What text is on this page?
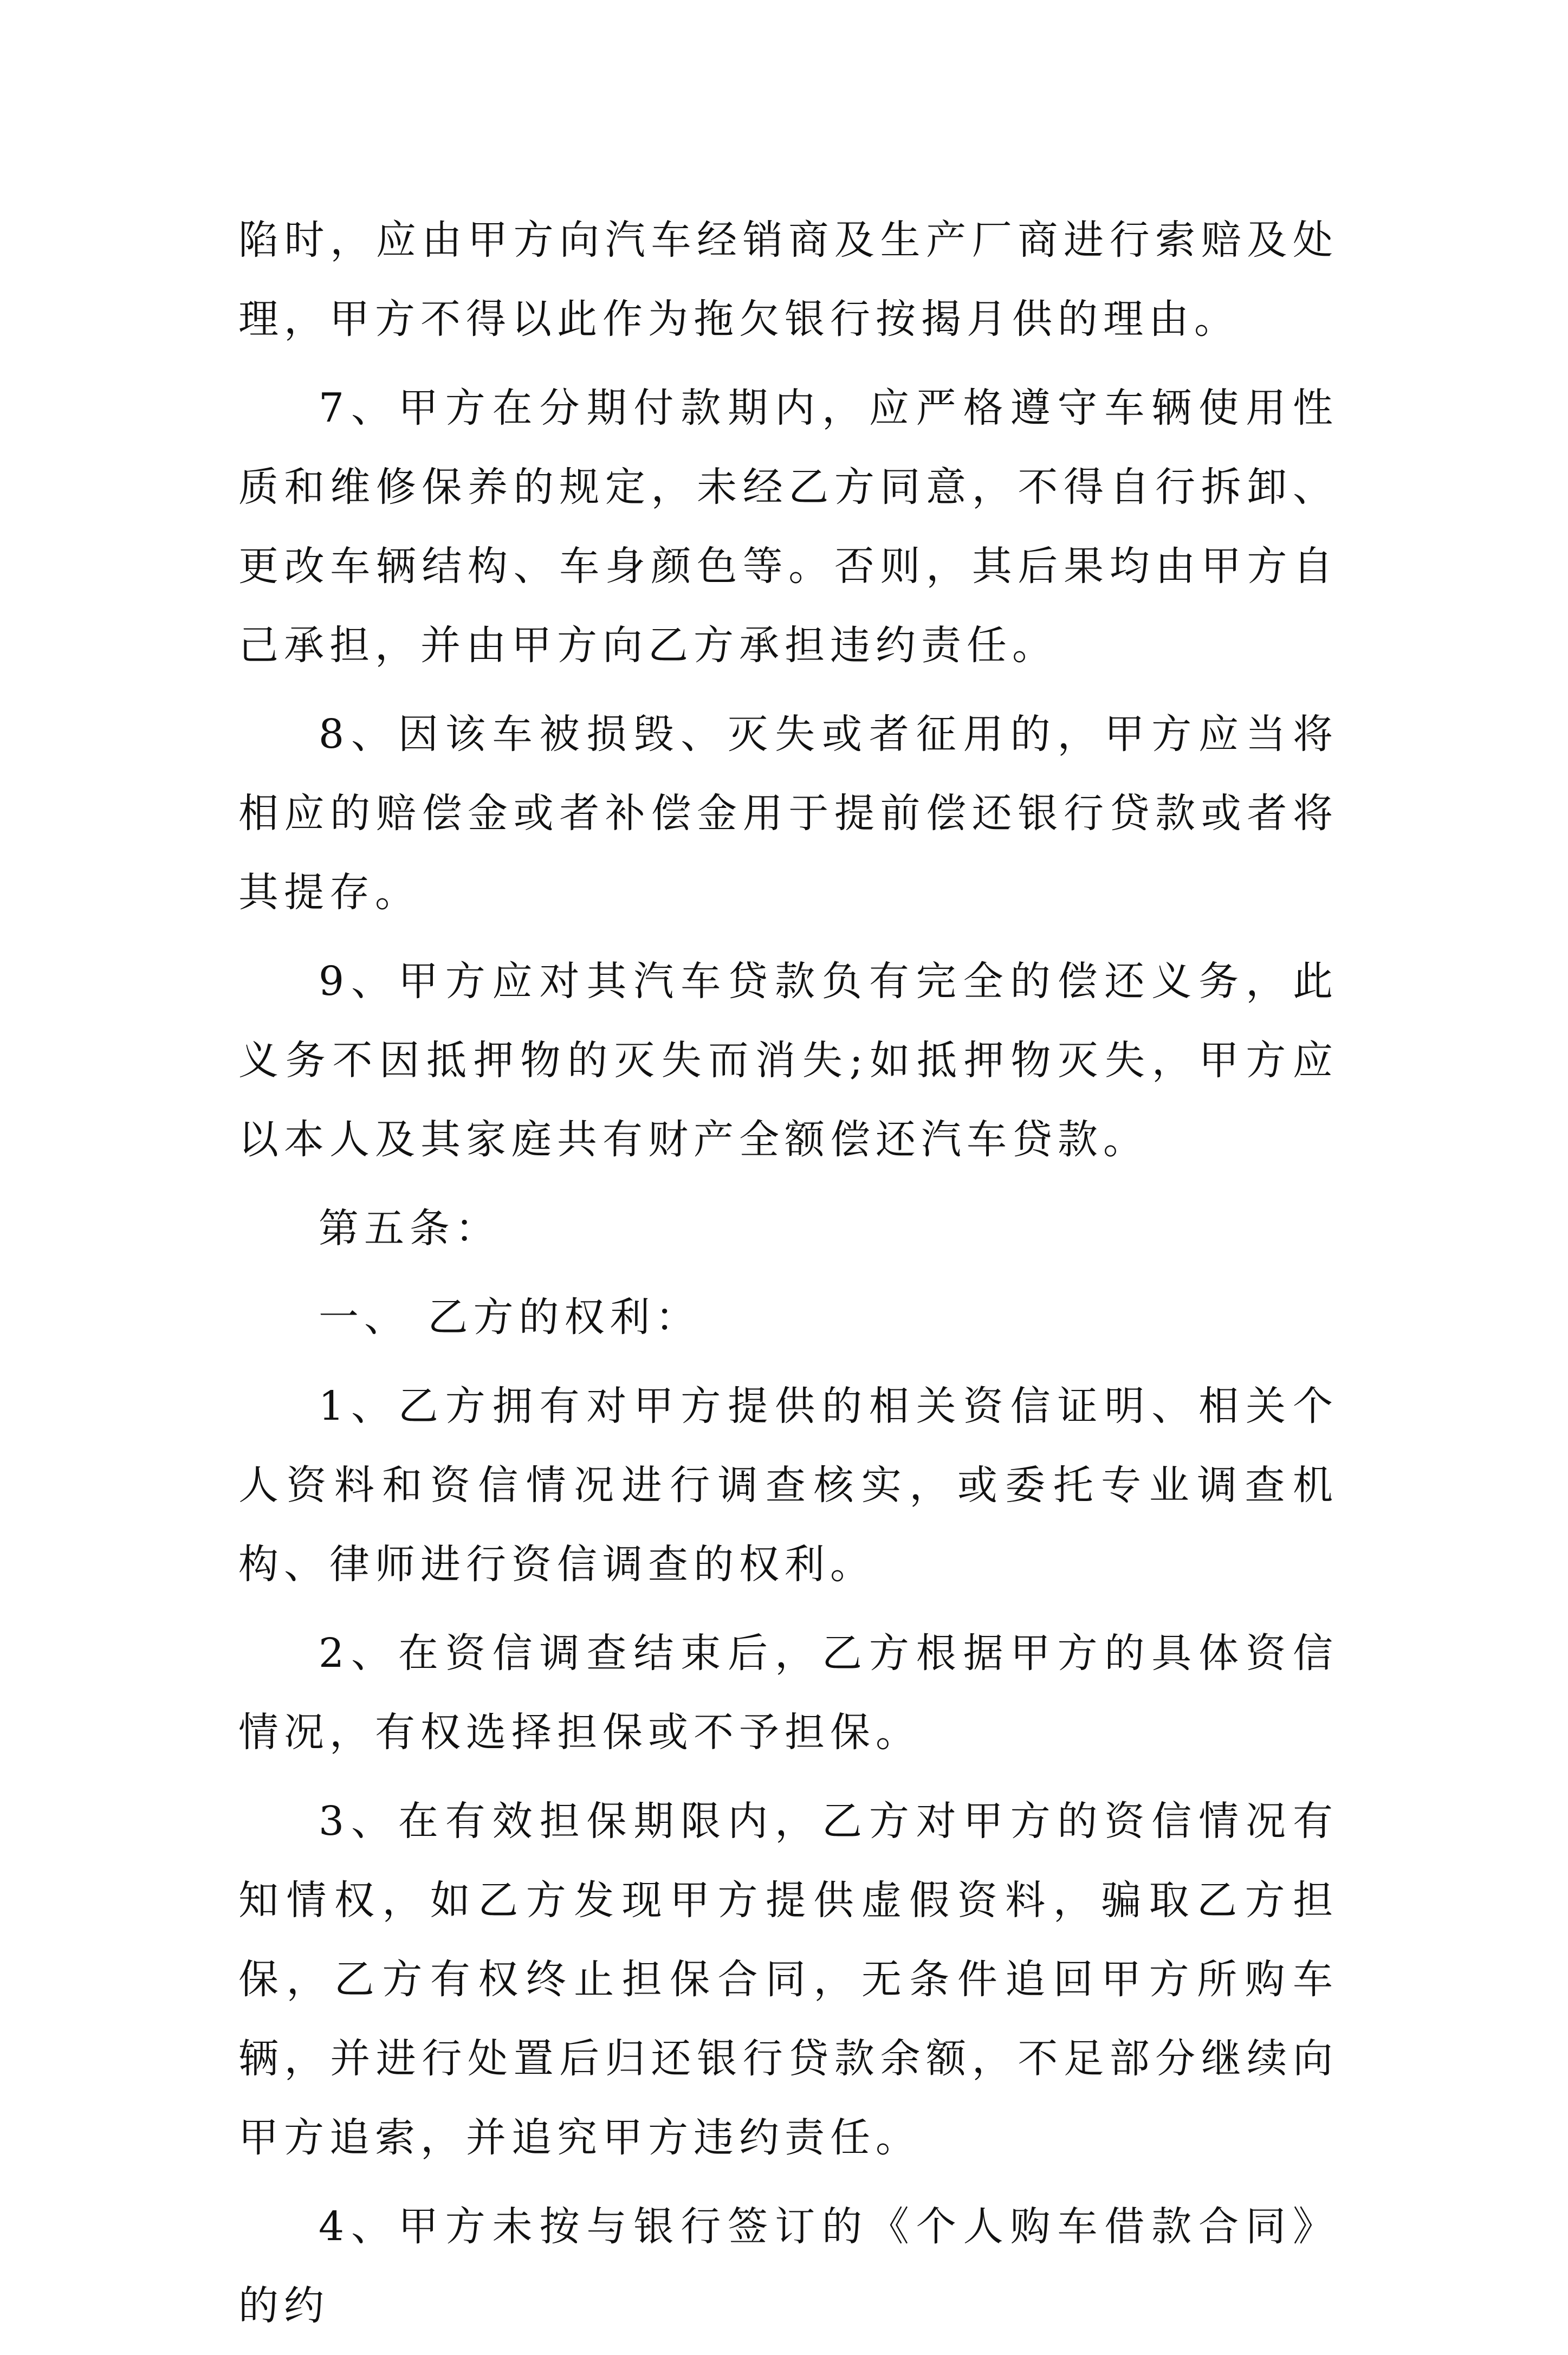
陷时，应由甲方向汽车经销商及生产厂商进行索赔及处理，甲方不得以此作为拖欠银行按揭月供的理由。

7、甲方在分期付款期内，应严格遵守车辆使用性质和维修保养的规定，未经乙方同意，不得自行拆卸、更改车辆结构、车身颜色等。否则，其后果均由甲方自己承担，并由甲方向乙方承担违约责任。

8、因该车被损毁、灭失或者征用的，甲方应当将相应的赔偿金或者补偿金用于提前偿还银行贷款或者将其提存。

9、甲方应对其汽车贷款负有完全的偿还义务，此义务不因抵押物的灭失而消失;如抵押物灭失，甲方应以本人及其家庭共有财产全额偿还汽车贷款。

第五条：

一、 乙方的权利：

1、乙方拥有对甲方提供的相关资信证明、相关个人资料和资信情况进行调查核实，或委托专业调查机构、律师进行资信调查的权利。

2、在资信调查结束后，乙方根据甲方的具体资信情况，有权选择担保或不予担保。

3、在有效担保期限内，乙方对甲方的资信情况有知情权，如乙方发现甲方提供虚假资料，骗取乙方担保，乙方有权终止担保合同，无条件追回甲方所购车辆，并进行处置后归还银行贷款余额，不足部分继续向甲方追索，并追究甲方违约责任。

4、甲方未按与银行签订的《个人购车借款合同》的约
